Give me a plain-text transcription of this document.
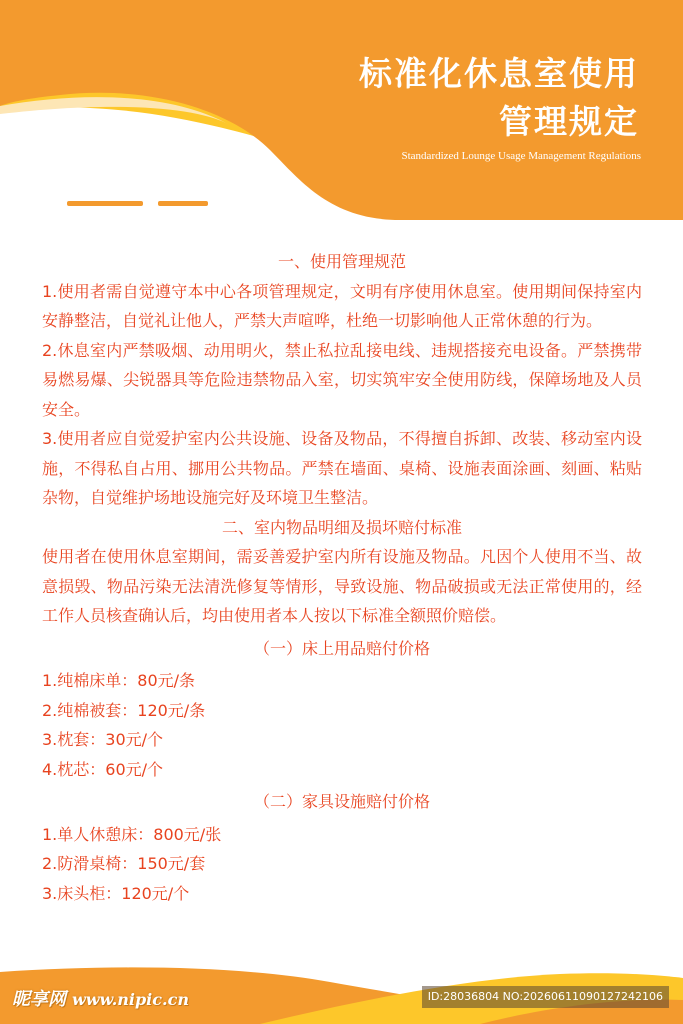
标准化休息室使用
管理规定
Standardized Lounge Usage Management Regulations

一、使用管理规范

1.使用者需自觉遵守本中心各项管理规定，文明有序使用休息室。使用期间保持室内安静整洁，自觉礼让他人，严禁大声喧哗，杜绝一切影响他人正常休憩的行为。

2.休息室内严禁吸烟、动用明火，禁止私拉乱接电线、违规搭接充电设备。严禁携带易燃易爆、尖锐器具等危险违禁物品入室，切实筑牢安全使用防线，保障场地及人员安全。

3.使用者应自觉爱护室内公共设施、设备及物品，不得擅自拆卸、改装、移动室内设施，不得私自占用、挪用公共物品。严禁在墙面、桌椅、设施表面涂画、刻画、粘贴杂物，自觉维护场地设施完好及环境卫生整洁。

二、室内物品明细及损坏赔付标准

使用者在使用休息室期间，需妥善爱护室内所有设施及物品。凡因个人使用不当、故意损毁、物品污染无法清洗修复等情形，导致设施、物品破损或无法正常使用的，经工作人员核查确认后，均由使用者本人按以下标准全额照价赔偿。

（一）床上用品赔付价格

1.纯棉床单：80元/条

2.纯棉被套：120元/条

3.枕套：30元/个

4.枕芯：60元/个

（二）家具设施赔付价格

1.单人休憩床：800元/张

2.防滑桌椅：150元/套

3.床头柜：120元/个

昵享网 www.nipic.cn	ID:28036804 NO:20260611090127242106
